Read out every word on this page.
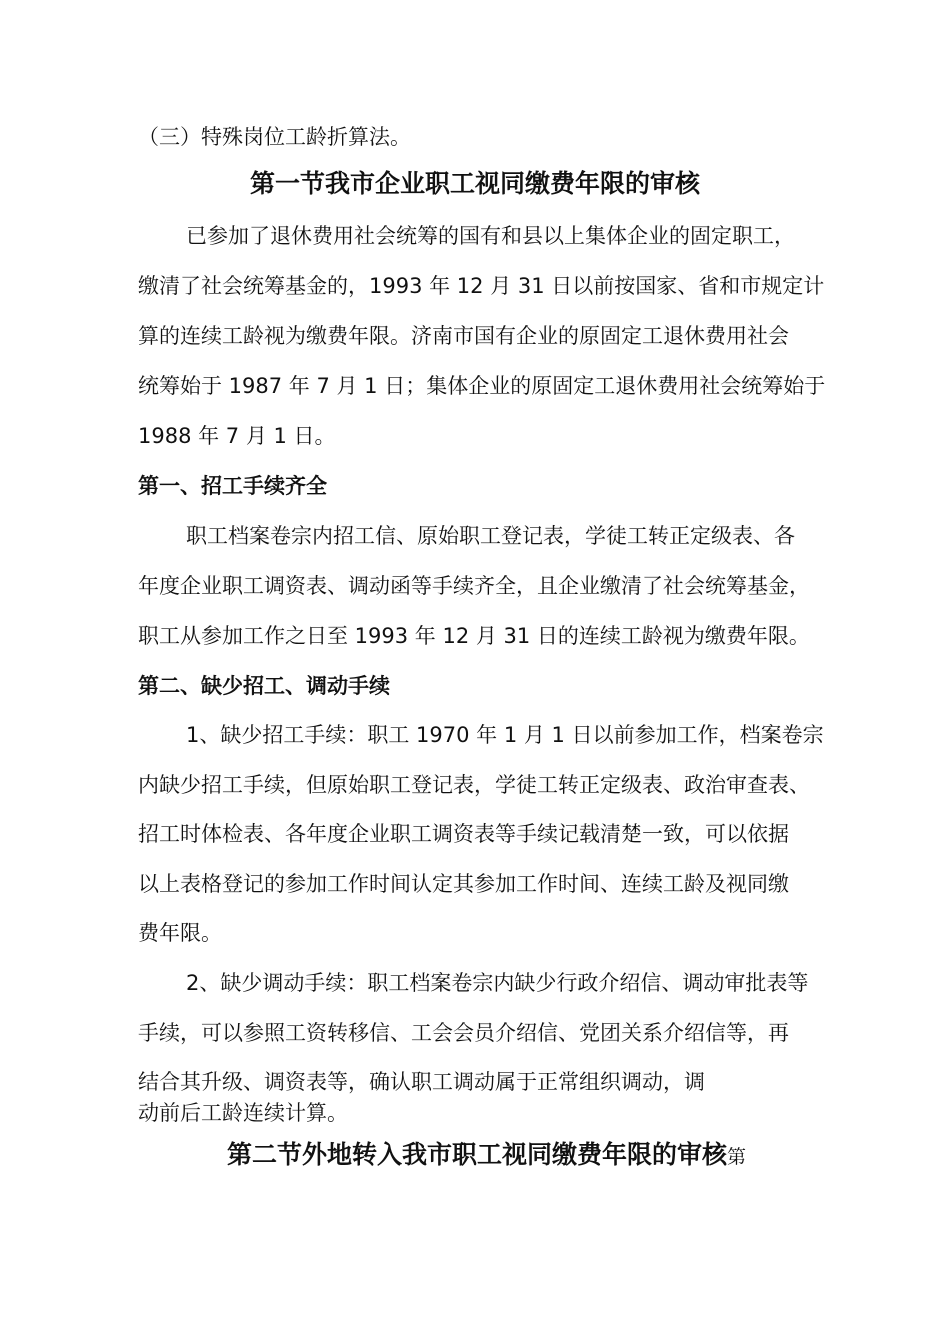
（三）特殊岗位工龄折算法。

第一节我市企业职工视同缴费年限的审核

已参加了退休费用社会统筹的国有和县以上集体企业的固定职工，

缴清了社会统筹基金的，1993 年 12 月 31 日以前按国家、省和市规定计

算的连续工龄视为缴费年限。济南市国有企业的原固定工退休费用社会

统筹始于 1987 年 7 月 1 日；集体企业的原固定工退休费用社会统筹始于

1988 年 7 月 1 日。

第一、招工手续齐全

职工档案卷宗内招工信、原始职工登记表，学徒工转正定级表、各

年度企业职工调资表、调动函等手续齐全，且企业缴清了社会统筹基金，

职工从参加工作之日至 1993 年 12 月 31 日的连续工龄视为缴费年限。

第二、缺少招工、调动手续

1、缺少招工手续：职工 1970 年 1 月 1 日以前参加工作，档案卷宗

内缺少招工手续，但原始职工登记表，学徒工转正定级表、政治审查表、

招工时体检表、各年度企业职工调资表等手续记载清楚一致，可以依据

以上表格登记的参加工作时间认定其参加工作时间、连续工龄及视同缴

费年限。

2、缺少调动手续：职工档案卷宗内缺少行政介绍信、调动审批表等

手续，可以参照工资转移信、工会会员介绍信、党团关系介绍信等，再

结合其升级、调资表等，确认职工调动属于正常组织调动，调

动前后工龄连续计算。

第二节外地转入我市职工视同缴费年限的审核第
